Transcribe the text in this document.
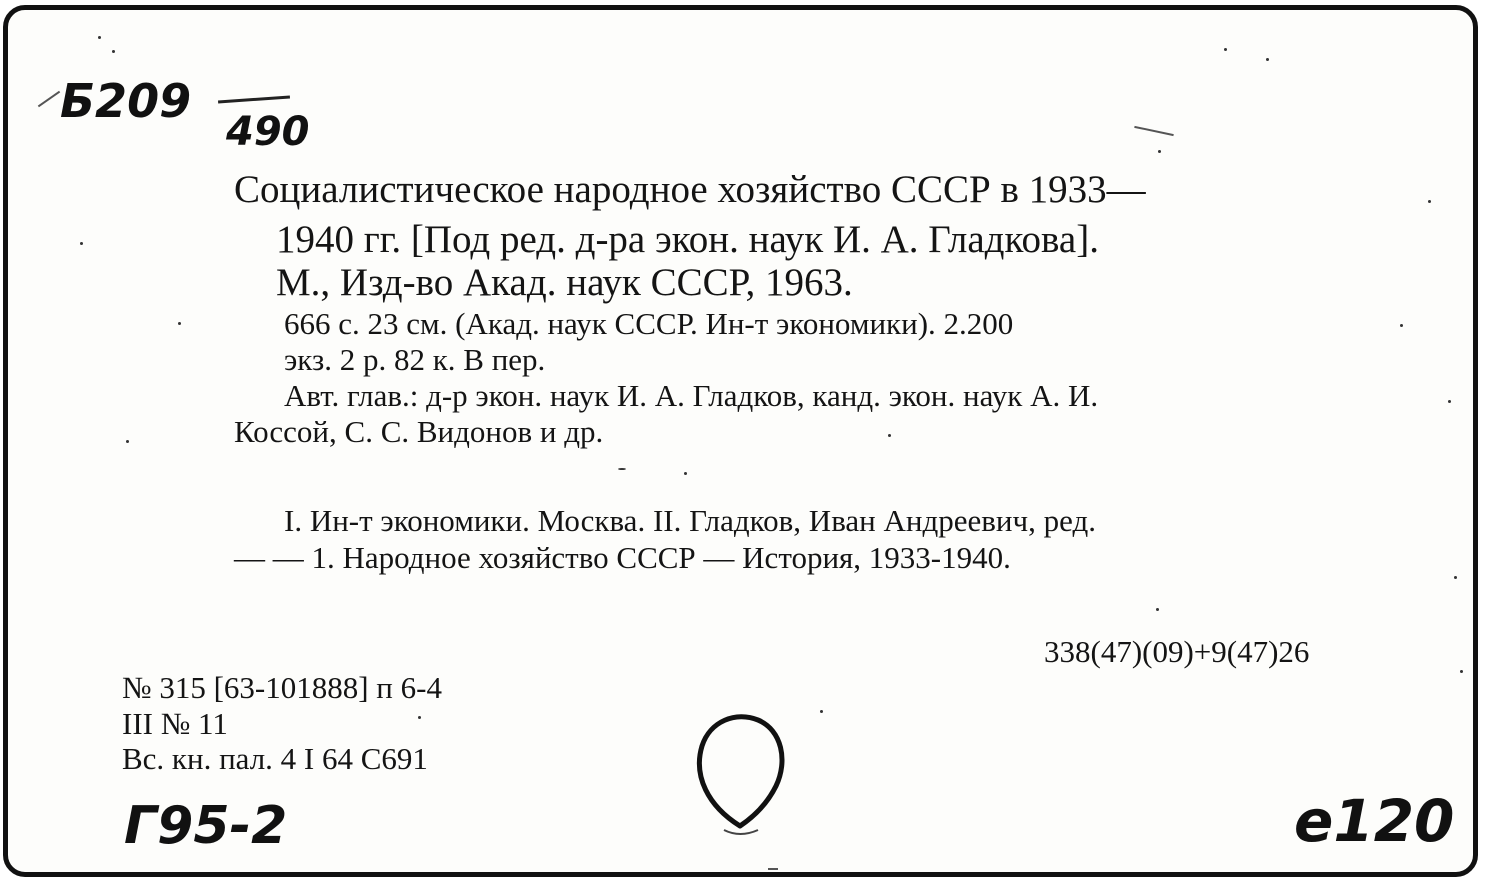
Б209
490

Социалистическое народное хозяйство СССР в 1933—

1940 гг. [Под ред. д-ра экон. наук И. А. Гладкова].

М., Изд-во Акад. наук СССР, 1963.

666 с. 23 см. (Акад. наук СССР. Ин-т экономики). 2.200

экз. 2 р. 82 к. В пер.

Авт. глав.: д-р экон. наук И. А. Гладков, канд. экон. наук А. И.

Коссой, С. С. Видонов и др.

I. Ин-т экономики. Москва. II. Гладков, Иван Андреевич, ред.

— — 1. Народное хозяйство СССР — История, 1933-1940.

338(47)(09)+9(47)26

№ 315 [63-101888] п 6-4

III № 11

Вс. кн. пал. 4 I 64 С691

Г95-2	e120
